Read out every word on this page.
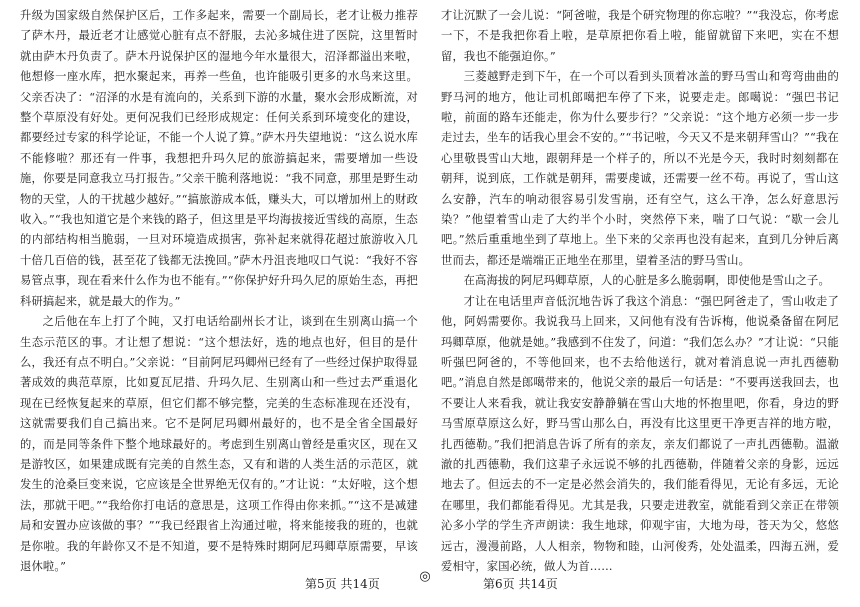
升级为国家级自然保护区后，工作多起来，需要一个副局长，老才让极力推荐了萨木丹，最近老才让感觉心脏有点不舒服，去沁多城住进了医院，这里暂时就由萨木丹负责了。萨木丹说保护区的湿地今年水量很大，沼泽都溢出来啦，他想修一座水库，把水聚起来，再养一些鱼，也许能吸引更多的水鸟来这里。父亲否决了：“沼泽的水是有流向的，关系到下游的水量，聚水会形成断流，对整个草原没有好处。更何况我们已经形成规定：任何关系到环境变化的建设，都要经过专家的科学论证，不能一个人说了算。”萨木丹失望地说：“这么说水库不能修啦？那还有一件事，我想把升玛久尼的旅游搞起来，需要增加一些设施，你要是同意我立马打报告。”父亲干脆利落地说：“我不同意，那里是野生动物的天堂，人的干扰越少越好。”“搞旅游成本低，赚头大，可以增加州上的财政收入。”“我也知道它是个来钱的路子，但这里是平均海拔接近雪线的高原，生态的内部结构相当脆弱，一旦对环境造成损害，弥补起来就得花超过旅游收入几十倍几百倍的钱，甚至花了钱都无法挽回。”萨木丹沮丧地叹口气说：“我好不容易管点事，现在看来什么作为也不能有。”“你保护好升玛久尼的原始生态，再把科研搞起来，就是最大的作为。”

之后他在车上打了个盹，又打电话给副州长才让，谈到在生别离山搞一个生态示范区的事。才让想了想说：“这个想法好，选的地点也好，但目的是什么，我还有点不明白。”父亲说：“目前阿尼玛卿州已经有了一些经过保护取得显著成效的典范草原，比如夏瓦尼措、升玛久尼、生别离山和一些过去严重退化现在已经恢复起来的草原，但它们都不够完整，完美的生态标准现在还没有，这就需要我们自己搞出来。它不是阿尼玛卿州最好的，也不是全省全国最好的，而是同等条件下整个地球最好的。考虑到生别离山曾经是重灾区，现在又是游牧区，如果建成既有完美的自然生态，又有和谐的人类生活的示范区，就发生的沧桑巨变来说，它应该是全世界绝无仅有的。”才让说：“太好啦，这个想法，那就干吧。”“我给你打电话的意思是，这项工作得由你来抓。”“这不是减建局和安置办应该做的事？”“我已经跟省上沟通过啦，将来能接我的班的，也就是你啦。我的年龄你又不是不知道，要不是特殊时期阿尼玛卿草原需要，早该退休啦。”

才让沉默了一会儿说：“阿爸啦，我是个研究物理的你忘啦？”“我没忘，你考虑一下，不是我把你看上啦，是草原把你看上啦，能留就留下来吧，实在不想留，我也不能强迫你。”

三菱越野走到下午，在一个可以看到头顶着冰盖的野马雪山和弯弯曲曲的野马河的地方，他让司机郎噶把车停了下来，说要走走。郎噶说：“强巴书记啦，前面的路车还能走，你为什么要步行？”父亲说：“这个地方必须一步一步走过去，坐车的话我心里会不安的。”“书记啦，今天又不是来朝拜雪山？”“我在心里敬畏雪山大地，跟朝拜是一个样子的，所以不光是今天，我时时刻刻都在朝拜，说到底，工作就是朝拜，需要虔诚，还需要一丝不苟。再说了，雪山这么安静，汽车的响动很容易引发雪崩，还有空气，这么干净，怎么好意思污染？”他望着雪山走了大约半个小时，突然停下来，喘了口气说：“歇一会儿吧。”然后重重地坐到了草地上。坐下来的父亲再也没有起来，直到几分钟后离世而去，都还是端端正正地坐在那里，望着圣洁的野马雪山。

在高海拔的阿尼玛卿草原，人的心脏是多么脆弱啊，即使他是雪山之子。

才让在电话里声音低沉地告诉了我这个消息：“强巴阿爸走了，雪山收走了他，阿妈需要你。我说我马上回来，又问他有没有告诉梅，他说桑备留在阿尼玛卿草原，他就是她。”我感到不住发了，问道：“我们怎么办？”才让说：“只能听强巴阿爸的，不等他回来，也不去给他送行，就对着消息说一声扎西德勒吧。”消息自然是郎噶带来的，他说父亲的最后一句话是：“不要再送我回去，也不要让人来看我，就让我安安静静躺在雪山大地的怀抱里吧，你看，身边的野马雪原草原这么好，野马雪山那么白，再没有比这里更干净更吉祥的地方啦，扎西德勒。”我们把消息告诉了所有的亲友，亲友们都说了一声扎西德勒。温澈澈的扎西德勒，我们这辈子永远说不够的扎西德勒，伴随着父亲的身影，远远地去了。但远去的不一定是必然会消失的，我们能看得见，无论有多远，无论在哪里，我们都能看得见。尤其是我，只要走进教室，就能看到父亲正在带领沁多小学的学生齐声朗读：我生地球，仰观宇宙，大地为母，苍天为父，悠悠远古，漫漫前路，人人相亲，物物和睦，山河俊秀，处处温柔，四海五洲，爱爱相守，家国必统，做人为首……

第5页 共14页	◎	第6页 共14页
